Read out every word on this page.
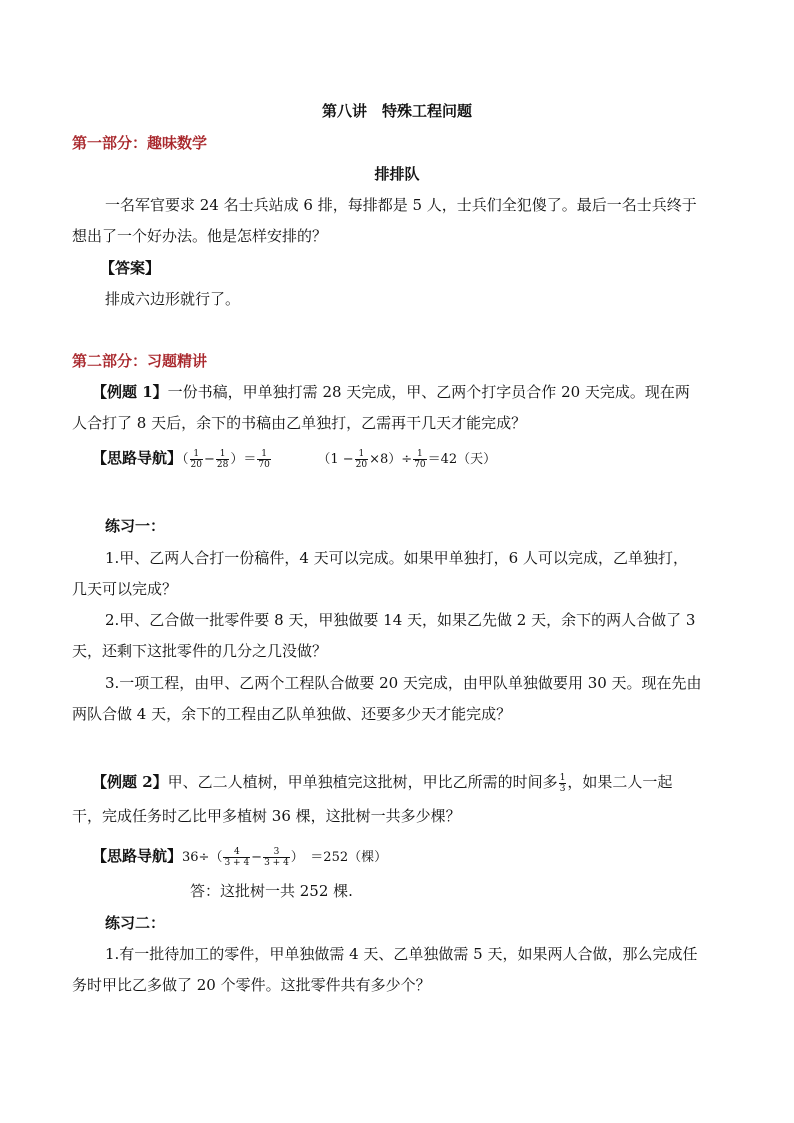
第八讲　特殊工程问题
第一部分：趣味数学
排排队
一名军官要求 24 名士兵站成 6 排，每排都是 5 人，士兵们全犯傻了。最后一名士兵终于
想出了一个好办法。他是怎样安排的？
【答案】
排成六边形就行了。
第二部分：习题精讲
【例题 1】一份书稿，甲单独打需 28 天完成，甲、乙两个打字员合作 20 天完成。现在两
人合打了 8 天后，余下的书稿由乙单独打，乙需再干几天才能完成？
【思路导航】（ $\frac{1}{20} - \frac{1}{28}$ ）＝ $\frac{1}{70}$	$(1 - \frac{1}{20} \times 8)\div \frac{1}{70} =42$（天）
练习一：
1.甲、乙两人合打一份稿件，4 天可以完成。如果甲单独打，6 人可以完成，乙单独打，
几天可以完成？
2.甲、乙合做一批零件要 8 天，甲独做要 14 天，如果乙先做 2 天，余下的两人合做了 3
天，还剩下这批零件的几分之几没做？
3.一项工程，由甲、乙两个工程队合做要 20 天完成，由甲队单独做要用 30 天。现在先由
两队合做 4 天，余下的工程由乙队单独做、还要多少天才能完成？
【例题 2】甲、乙二人植树，甲单独植完这批树，甲比乙所需的时间多 $\frac{1}{3}$ ，如果二人一起
干，完成任务时乙比甲多植树 36 棵，这批树一共多少棵？
【思路导航】$36\div( \frac{4}{3 + 4} - \frac{3}{3 + 4}$ ）　＝252（棵）
答：这批树一共 252 棵.
练习二：
1.有一批待加工的零件，甲单独做需 4 天、乙单独做需 5 天，如果两人合做，那么完成任
务时甲比乙多做了 20 个零件。这批零件共有多少个？
